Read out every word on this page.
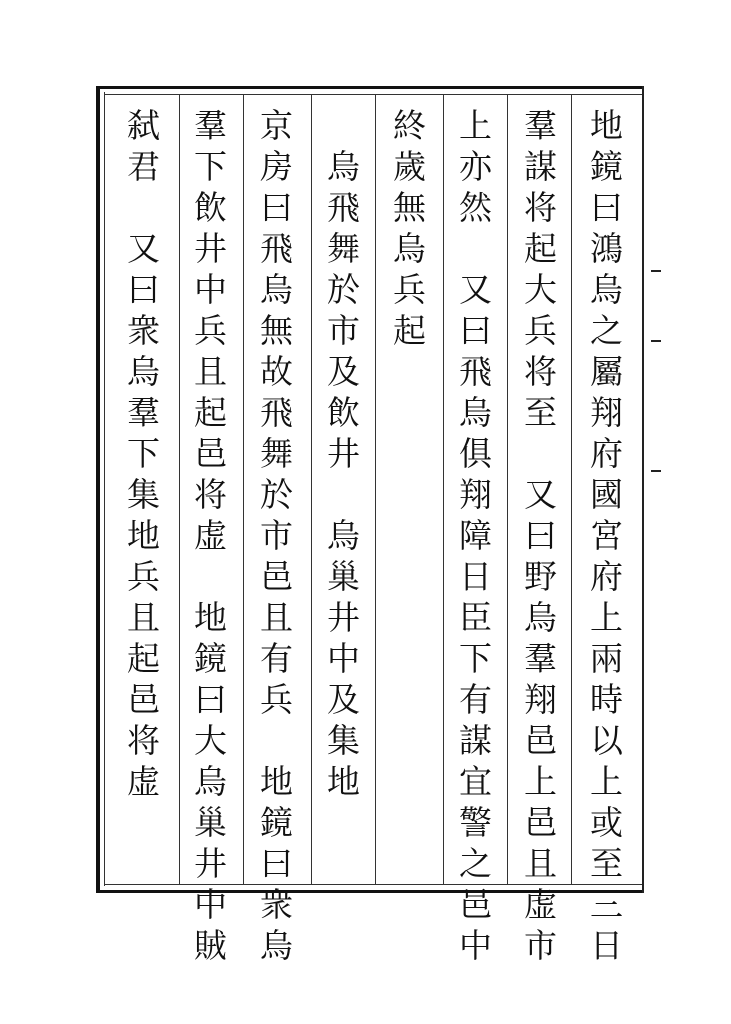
地鏡曰鴻烏之屬翔府國宮府上兩時以上或至三日
羣謀将起大兵将至　又曰野烏羣翔邑上邑且虚市
上亦然　又曰飛烏俱翔障日臣下有謀宜警之邑中
終歲無烏兵起
　烏飛舞於市及飲井　烏巢井中及集地
京房曰飛烏無故飛舞於市邑且有兵　地鏡曰衆烏
羣下飲井中兵且起邑将虚　地鏡曰大烏巢井中賊
弑君　又曰衆烏羣下集地兵且起邑将虚
